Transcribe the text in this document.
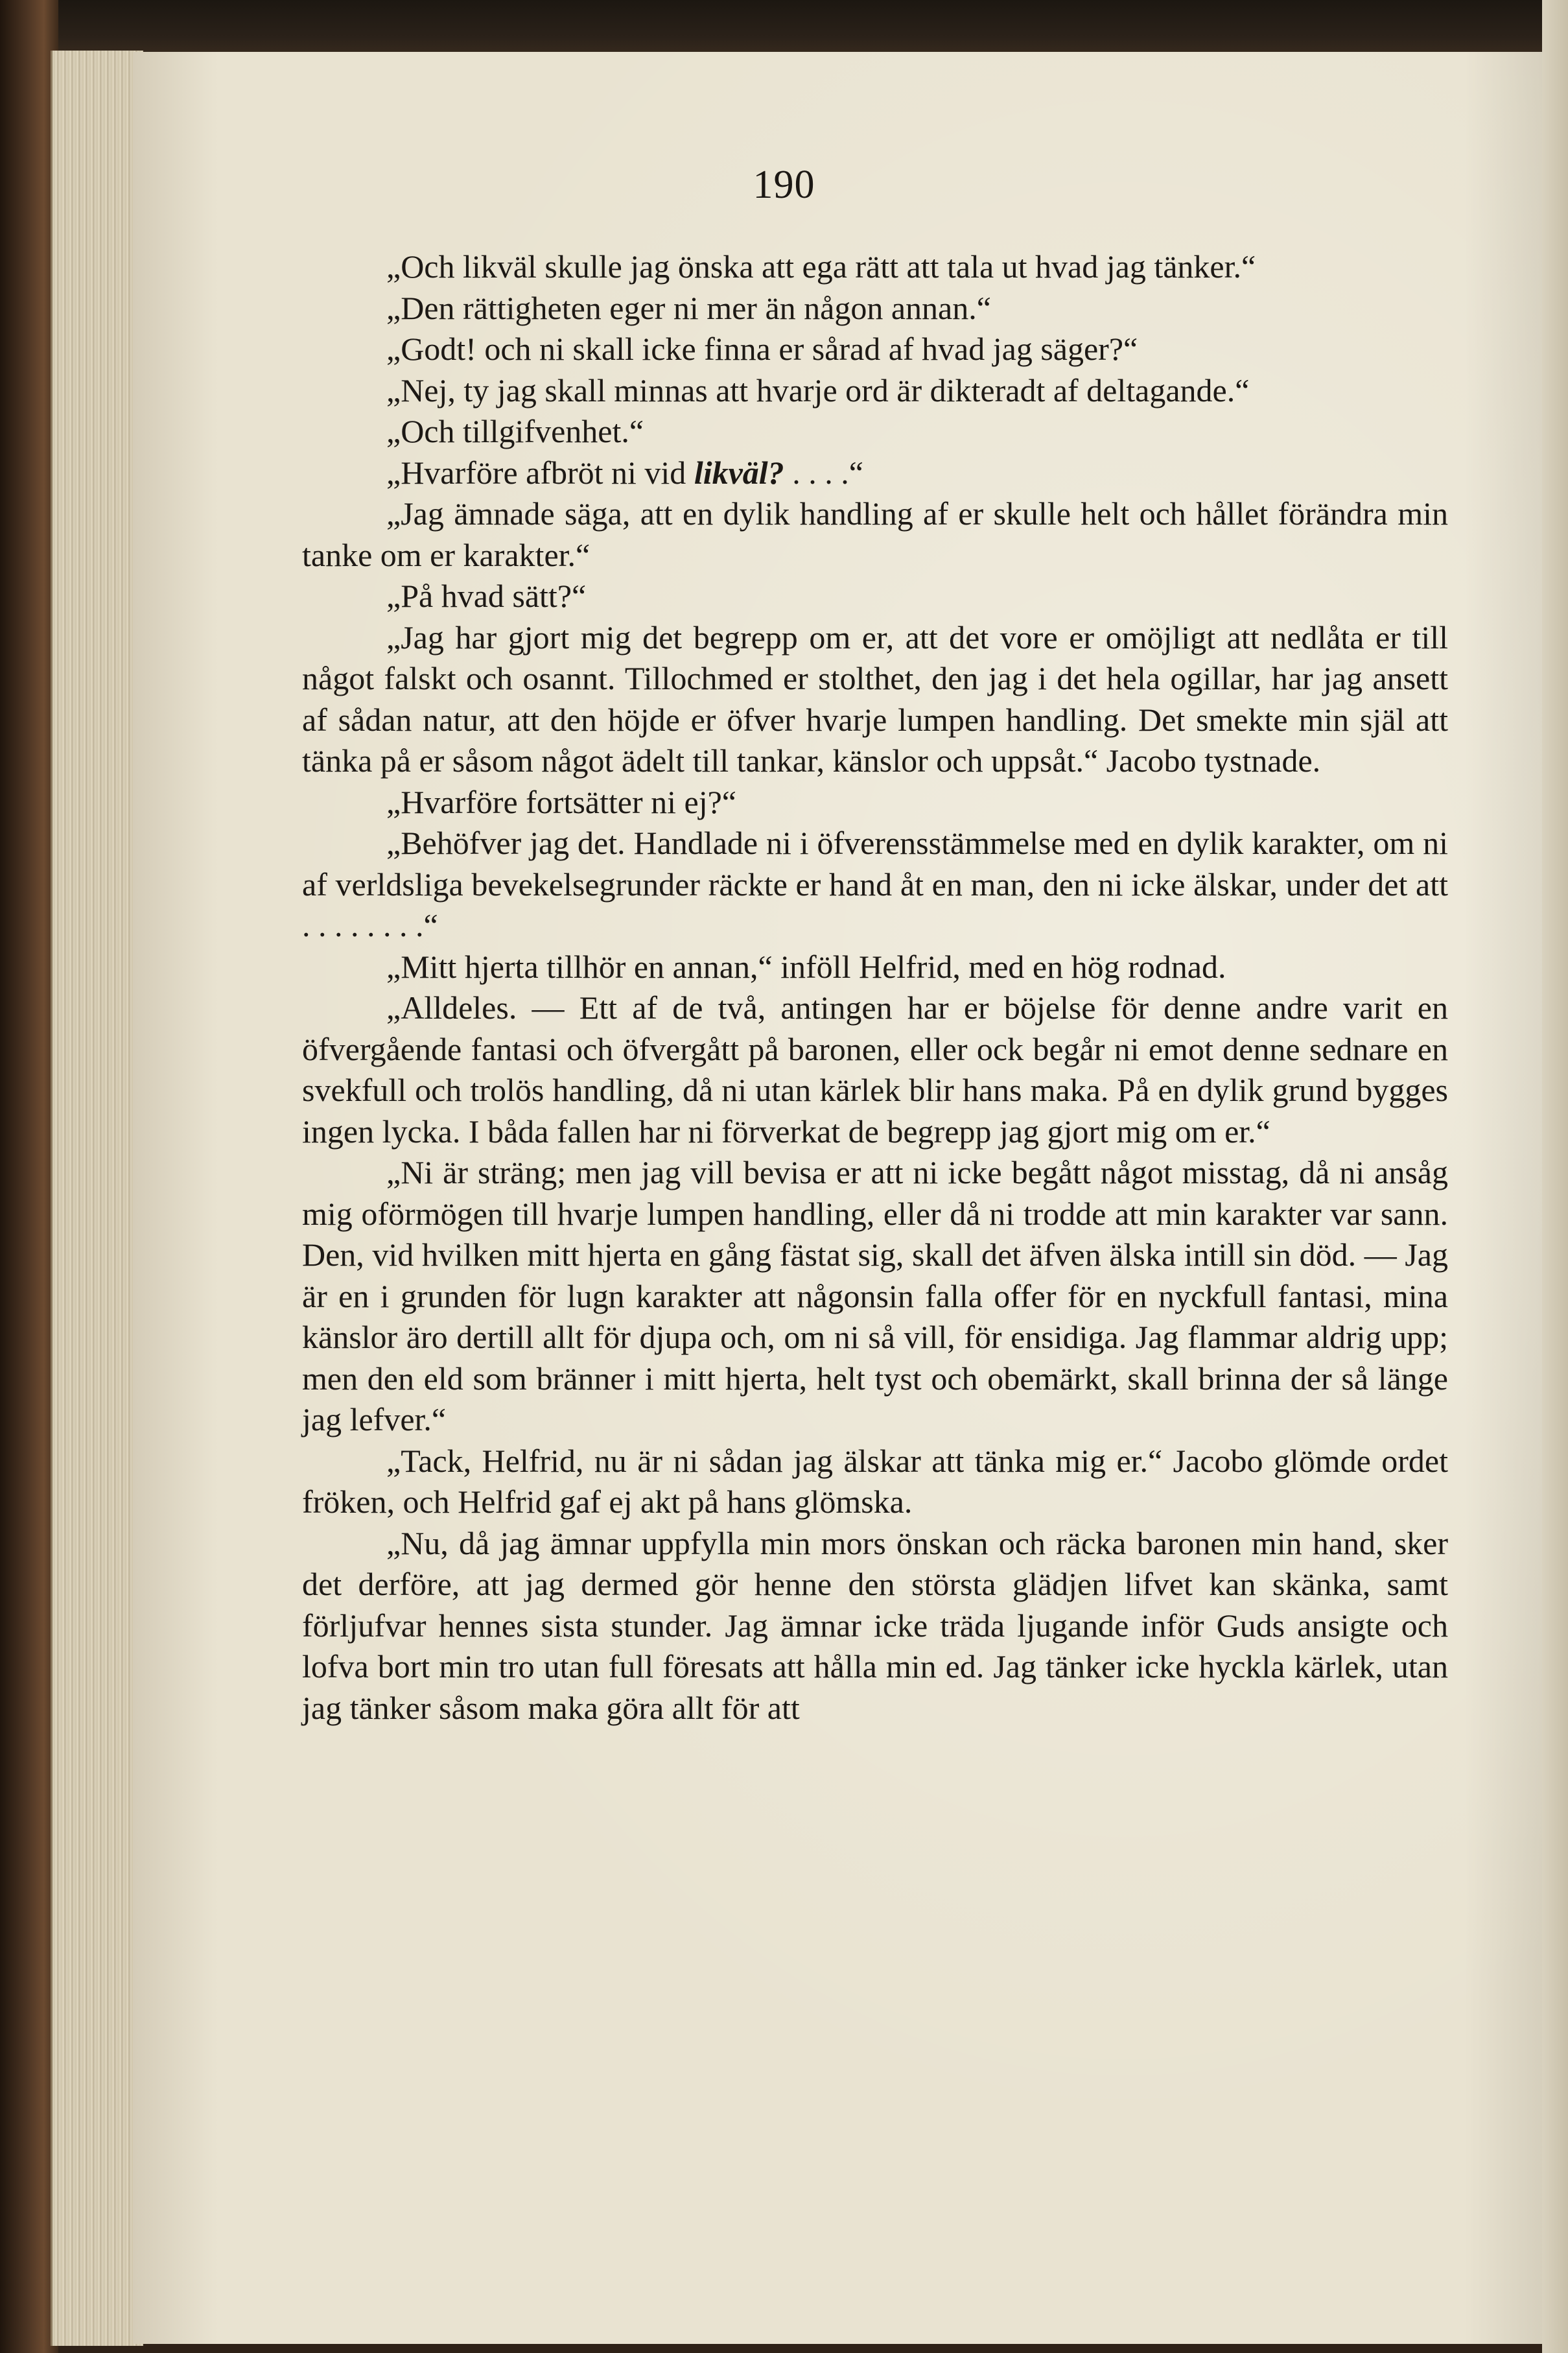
190

„Och likväl skulle jag önska att ega rätt att tala ut hvad jag tänker.“

„Den rättigheten eger ni mer än någon annan.“

„Godt! och ni skall icke finna er sårad af hvad jag säger?“

„Nej, ty jag skall minnas att hvarje ord är dikteradt af deltagande.“

„Och tillgifvenhet.“

„Hvarföre afbröt ni vid likväl? . . . .“

„Jag ämnade säga, att en dylik handling af er skulle helt och hållet förändra min tanke om er karakter.“

„På hvad sätt?“

„Jag har gjort mig det begrepp om er, att det vore er omöjligt att nedlåta er till något falskt och osannt. Tillochmed er stolthet, den jag i det hela ogillar, har jag ansett af sådan natur, att den höjde er öfver hvarje lumpen handling. Det smekte min själ att tänka på er såsom något ädelt till tankar, känslor och uppsåt.“ Jacobo tystnade.

„Hvarföre fortsätter ni ej?“

„Behöfver jag det. Handlade ni i öfverensstämmelse med en dylik karakter, om ni af verldsliga bevekelsegrunder räckte er hand åt en man, den ni icke älskar, under det att . . . . . . . .“

„Mitt hjerta tillhör en annan,“ inföll Helfrid, med en hög rodnad.

„Alldeles. — Ett af de två, antingen har er böjelse för denne andre varit en öfvergående fantasi och öfvergått på baronen, eller ock begår ni emot denne sednare en svekfull och trolös handling, då ni utan kärlek blir hans maka. På en dylik grund bygges ingen lycka. I båda fallen har ni förverkat de begrepp jag gjort mig om er.“

„Ni är sträng; men jag vill bevisa er att ni icke begått något misstag, då ni ansåg mig oförmögen till hvarje lumpen handling, eller då ni trodde att min karakter var sann. Den, vid hvilken mitt hjerta en gång fästat sig, skall det äfven älska intill sin död. — Jag är en i grunden för lugn karakter att någonsin falla offer för en nyckfull fantasi, mina känslor äro dertill allt för djupa och, om ni så vill, för ensidiga. Jag flammar aldrig upp; men den eld som bränner i mitt hjerta, helt tyst och obemärkt, skall brinna der så länge jag lefver.“

„Tack, Helfrid, nu är ni sådan jag älskar att tänka mig er.“ Jacobo glömde ordet fröken, och Helfrid gaf ej akt på hans glömska.

„Nu, då jag ämnar uppfylla min mors önskan och räcka baronen min hand, sker det derföre, att jag dermed gör henne den största glädjen lifvet kan skänka, samt förljufvar hennes sista stunder. Jag ämnar icke träda ljugande inför Guds ansigte och lofva bort min tro utan full föresats att hålla min ed. Jag tänker icke hyckla kärlek, utan jag tänker såsom maka göra allt för att
